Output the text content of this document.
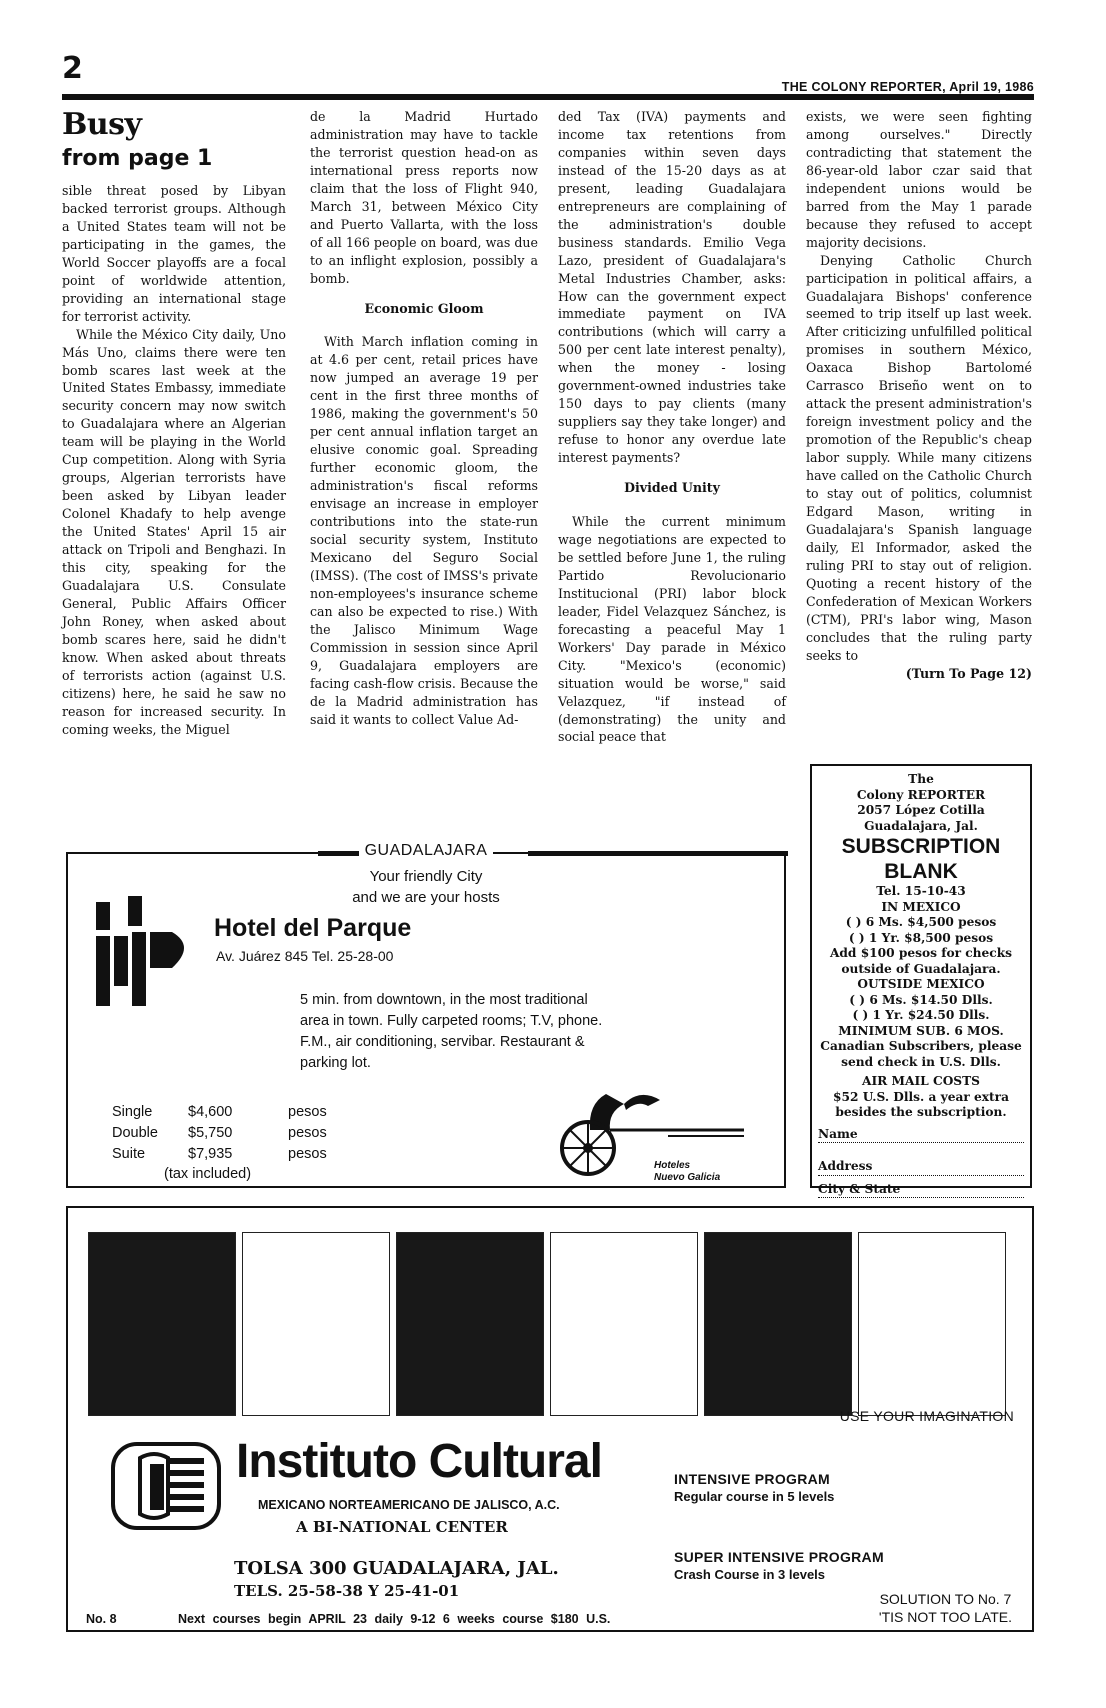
2
THE COLONY REPORTER, April 19, 1986
Busy
from page 1

sible threat posed by Libyan backed terrorist groups. Although a United States team will not be participating in the games, the World Soccer playoffs are a focal point of worldwide attention, providing an international stage for terrorist activity.

While the México City daily, Uno Más Uno, claims there were ten bomb scares last week at the United States Embassy, immediate security concern may now switch to Guadalajara where an Algerian team will be playing in the World Cup competition. Along with Syria groups, Algerian terrorists have been asked by Libyan leader Colonel Khadafy to help avenge the United States' April 15 air attack on Tripoli and Benghazi. In this city, speaking for the Guadalajara U.S. Consulate General, Public Affairs Officer John Roney, when asked about bomb scares here, said he didn't know. When asked about threats of terrorists action (against U.S. citizens) here, he said he saw no reason for increased security. In coming weeks, the Miguel

de la Madrid Hurtado administration may have to tackle the terrorist question head-on as international press reports now claim that the loss of Flight 940, March 31, between México City and Puerto Vallarta, with the loss of all 166 people on board, was due to an inflight explosion, possibly a bomb.

Economic Gloom

With March inflation coming in at 4.6 per cent, retail prices have now jumped an average 19 per cent in the first three months of 1986, making the government's 50 per cent annual inflation target an elusive conomic goal. Spreading further economic gloom, the administration's fiscal reforms envisage an increase in employer contributions into the state-run social security system, Instituto Mexicano del Seguro Social (IMSS). (The cost of IMSS's private non-employees's insurance scheme can also be expected to rise.) With the Jalisco Minimum Wage Commission in session since April 9, Guadalajara employers are facing cash-flow crisis. Because the de la Madrid administration has said it wants to collect Value Ad-

ded Tax (IVA) payments and income tax retentions from companies within seven days instead of the 15-20 days as at present, leading Guadalajara entrepreneurs are complaining of the administration's double business standards. Emilio Vega Lazo, president of Guadalajara's Metal Industries Chamber, asks: How can the government expect immediate payment on IVA contributions (which will carry a 500 per cent late interest penalty), when the money - losing government-owned industries take 150 days to pay clients (many suppliers say they take longer) and refuse to honor any overdue late interest payments?

Divided Unity

While the current minimum wage negotiations are expected to be settled before June 1, the ruling Partido Revolucionario Institucional (PRI) labor block leader, Fidel Velazquez Sánchez, is forecasting a peaceful May 1 Workers' Day parade in México City. "Mexico's (economic) situation would be worse," said Velazquez, "if instead of (demonstrating) the unity and social peace that

exists, we were seen fighting among ourselves." Directly contradicting that statement the 86-year-old labor czar said that independent unions would be barred from the May 1 parade because they refused to accept majority decisions.

Denying Catholic Church participation in political affairs, a Guadalajara Bishops' conference seemed to trip itself up last week. After criticizing unfulfilled political promises in southern México, Oaxaca Bishop Bartolomé Carrasco Briseño went on to attack the present administration's foreign investment policy and the promotion of the Republic's cheap labor supply. While many citizens have called on the Catholic Church to stay out of politics, columnist Edgard Mason, writing in Guadalajara's Spanish language daily, El Informador, asked the ruling PRI to stay out of religion. Quoting a recent history of the Confederation of Mexican Workers (CTM), PRI's labor wing, Mason concludes that the ruling party seeks to

(Turn To Page 12)

The
Colony REPORTER
2057 López Cotilla
Guadalajara, Jal.
SUBSCRIPTION
BLANK
Tel. 15-10-43
IN MEXICO
( ) 6 Ms. $4,500 pesos
( ) 1 Yr. $8,500 pesos
Add $100 pesos for checks outside of Guadalajara.
OUTSIDE MEXICO
( ) 6 Ms. $14.50 Dlls.
( ) 1 Yr. $24.50 Dlls.
MINIMUM SUB. 6 MOS.
Canadian Subscribers, please send check in U.S. Dlls.
AIR MAIL COSTS
$52 U.S. Dlls. a year extra besides the subscription.
Name
Address
City & State
GUADALAJARA
Your friendly City
and we are your hosts
Hotel del Parque
Av. Juárez 845 Tel. 25-28-00
5 min. from downtown, in the most traditional area in town. Fully carpeted rooms; T.V, phone. F.M., air conditioning, servibar. Restaurant & parking lot.
Single $4,600	pesos
Double $5,750	pesos
Suite	$7,935	pesos
(tax included)
Hoteles
Nuevo Galicia
USE YOUR IMAGINATION
Instituto Cultural
MEXICANO NORTEAMERICANO DE JALISCO, A.C.
A BI-NATIONAL CENTER
TOLSA 300 GUADALAJARA, JAL.
TELS. 25-58-38 Y 25-41-01
INTENSIVE PROGRAM
Regular course in 5 levels
SUPER INTENSIVE PROGRAM
Crash Course in 3 levels
SOLUTION TO No. 7
'TIS NOT TOO LATE.
No. 8	Next courses begin APRIL 23 daily 9-12 6 weeks course $180 U.S.
